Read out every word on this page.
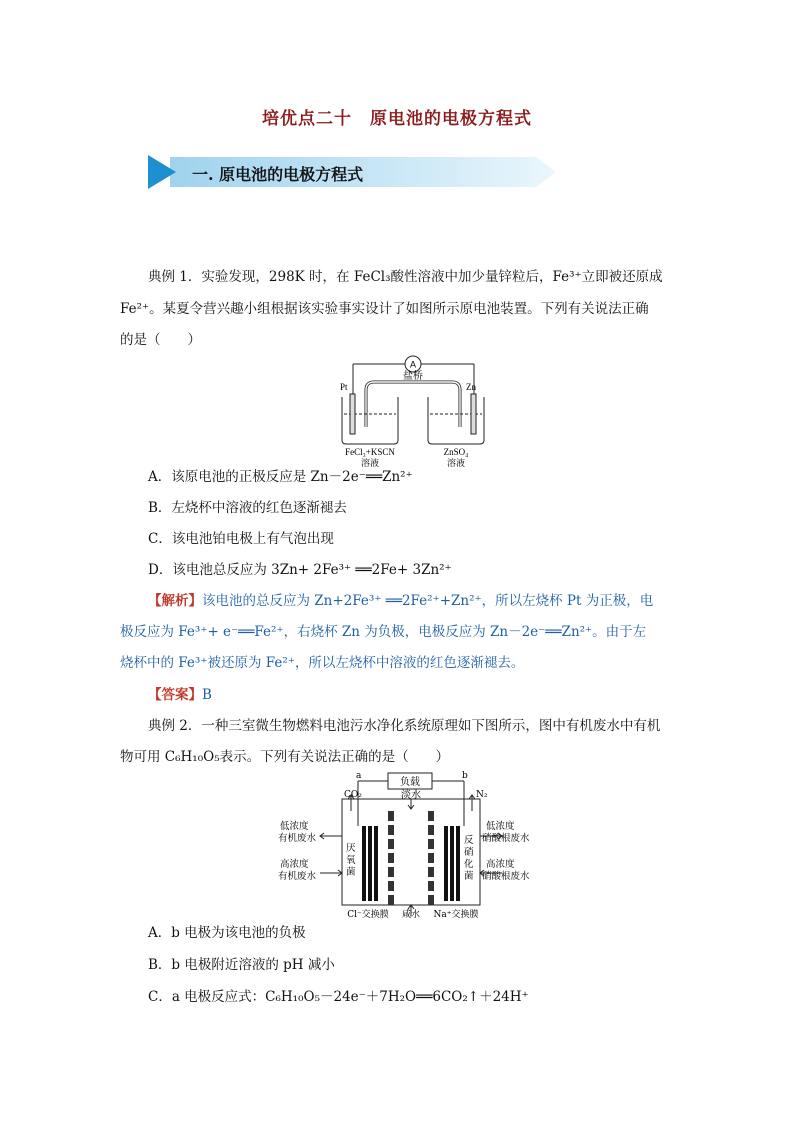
培优点二十　原电池的电极方程式
一. 原电池的电极方程式
典例 1．实验发现，298K 时，在 FeCl₃酸性溶液中加少量锌粒后，Fe³⁺立即被还原成
Fe²⁺。某夏令营兴趣小组根据该实验事实设计了如图所示原电池装置。下列有关说法正确
的是（　　）
A
盐桥
Pt	Zn
FeCl₃+KSCN
溶液
ZnSO₄
溶液
A．该原电池的正极反应是 Zn－2e⁻══Zn²⁺
B．左烧杯中溶液的红色逐渐褪去
C．该电池铂电极上有气泡出现
D．该电池总反应为 3Zn+ 2Fe³⁺ ══2Fe+ 3Zn²⁺
【解析】该电池的总反应为 Zn+2Fe³⁺ ══2Fe²⁺+Zn²⁺，所以左烧杯 Pt 为正极，电
极反应为 Fe³⁺+ e⁻══Fe²⁺，右烧杯 Zn 为负极，电极反应为 Zn－2e⁻══Zn²⁺。由于左
烧杯中的 Fe³⁺被还原为 Fe²⁺，所以左烧杯中溶液的红色逐渐褪去。
【答案】B
典例 2．一种三室微生物燃料电池污水净化系统原理如下图所示，图中有机废水中有机
物可用 C₆H₁₀O₅表示。下列有关说法正确的是（　　）
a	b
负载
淡水
CO₂	N₂
低浓度
有机废水
高浓度
有机废水
低浓度
硝酸根废水
高浓度
硝酸根废水
厌
氧
菌
反
硝
化
菌
Cl⁻交换膜 咸水 Na⁺交换膜
A．b 电极为该电池的负极
B．b 电极附近溶液的 pH 减小
C．a 电极反应式：C₆H₁₀O₅－24e⁻＋7H₂O══6CO₂↑＋24H⁺
